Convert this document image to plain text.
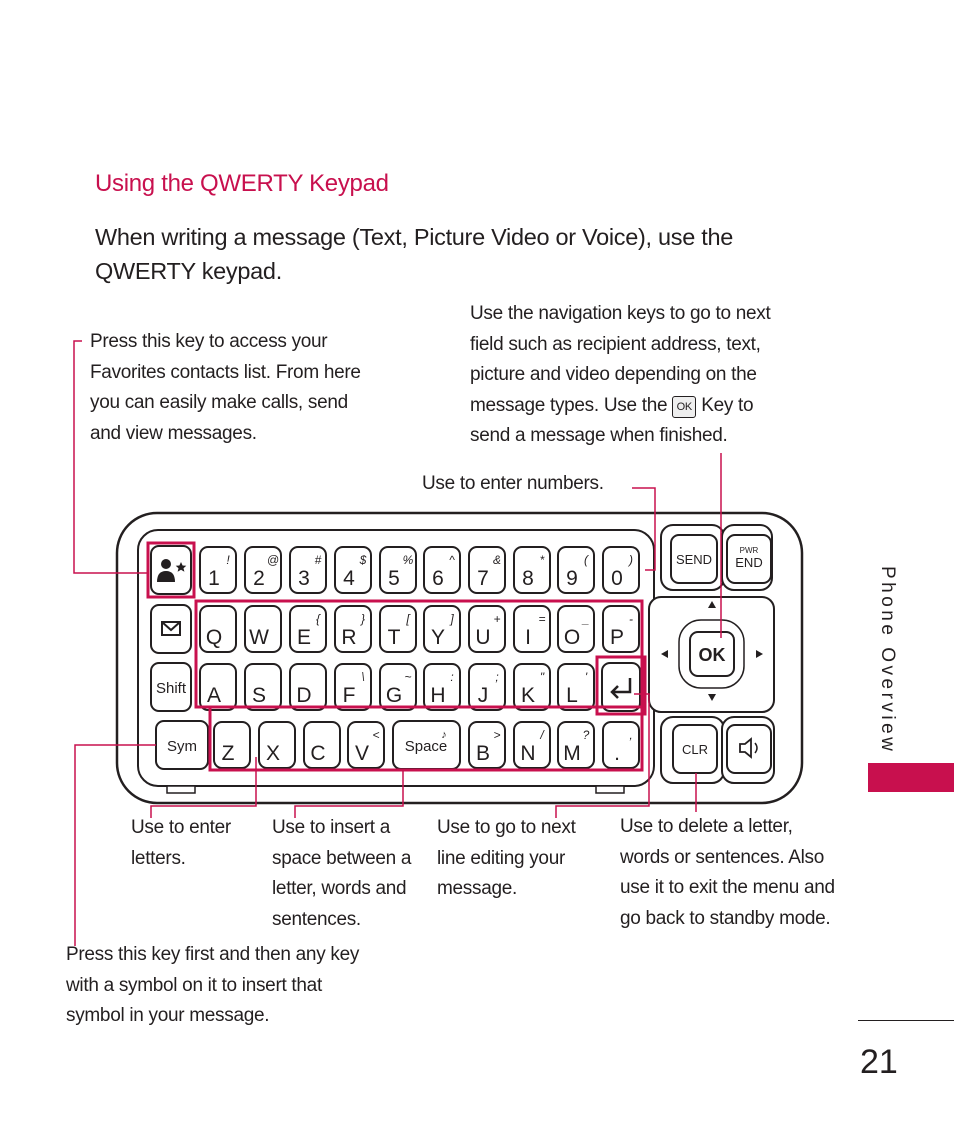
Using the QWERTY Keypad
When writing a message (Text, Picture Video or Voice), use the QWERTY keypad.
Press this key to access your
Favorites contacts list. From here
you can easily make calls, send
and view messages.
Use the navigation keys to go to next
field such as recipient address, text,
picture and video depending on the
message types. Use the OK Key to
send a message when finished.
Use to enter numbers.
Use to enter
letters.
Use to insert a
space between a
letter, words and
sentences.
Use to go to next
line editing your
message.
Use to delete a letter,
words or sentences. Also
use it to exit the menu and
go back to standby mode.
Press this key first and then any key
with a symbol on it to insert that
symbol in your message.
Shift
Sym
1
!
2
@
3
#
4
$
5
%
6
^
7
&
8
*
9
(
0
)
Q W E
{
R
}
T
[
Y
]
U
+
I
=
O
_
P
-
A S D F
\
G
~
H
:
J
;
K
"
L
'
Z X C V
<
B
>
N
/
M
?
.
,
Space
♪
SEND
PWR
END
OK
CLR	Phone Overview
21
